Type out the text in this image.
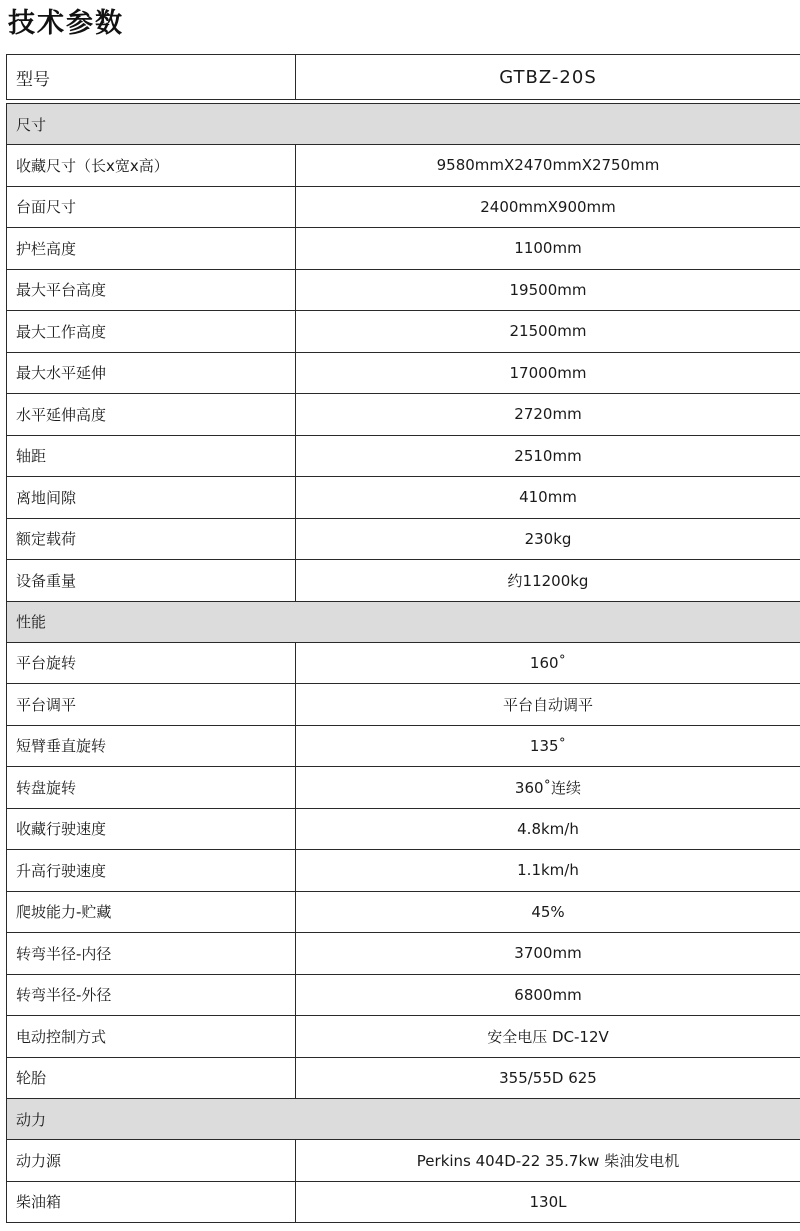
技术参数
型号	GTBZ-20S

尺寸	
收藏尺寸（长x宽x高）	9580mmX2470mmX2750mm
台面尺寸	2400mmX900mm
护栏高度	1100mm
最大平台高度	19500mm
最大工作高度	21500mm
最大水平延伸	17000mm
水平延伸高度	2720mm
轴距	2510mm
离地间隙	410mm
额定载荷	230kg
设备重量	约11200kg
性能	
平台旋转	160˚
平台调平	平台自动调平
短臂垂直旋转	135˚
转盘旋转	360˚连续
收藏行驶速度	4.8km/h
升高行驶速度	1.1km/h
爬坡能力-贮藏	45%
转弯半径-内径	3700mm
转弯半径-外径	6800mm
电动控制方式	安全电压 DC-12V
轮胎	355/55D 625
动力	
动力源	Perkins 404D-22 35.7kw 柴油发电机
柴油箱	130L
